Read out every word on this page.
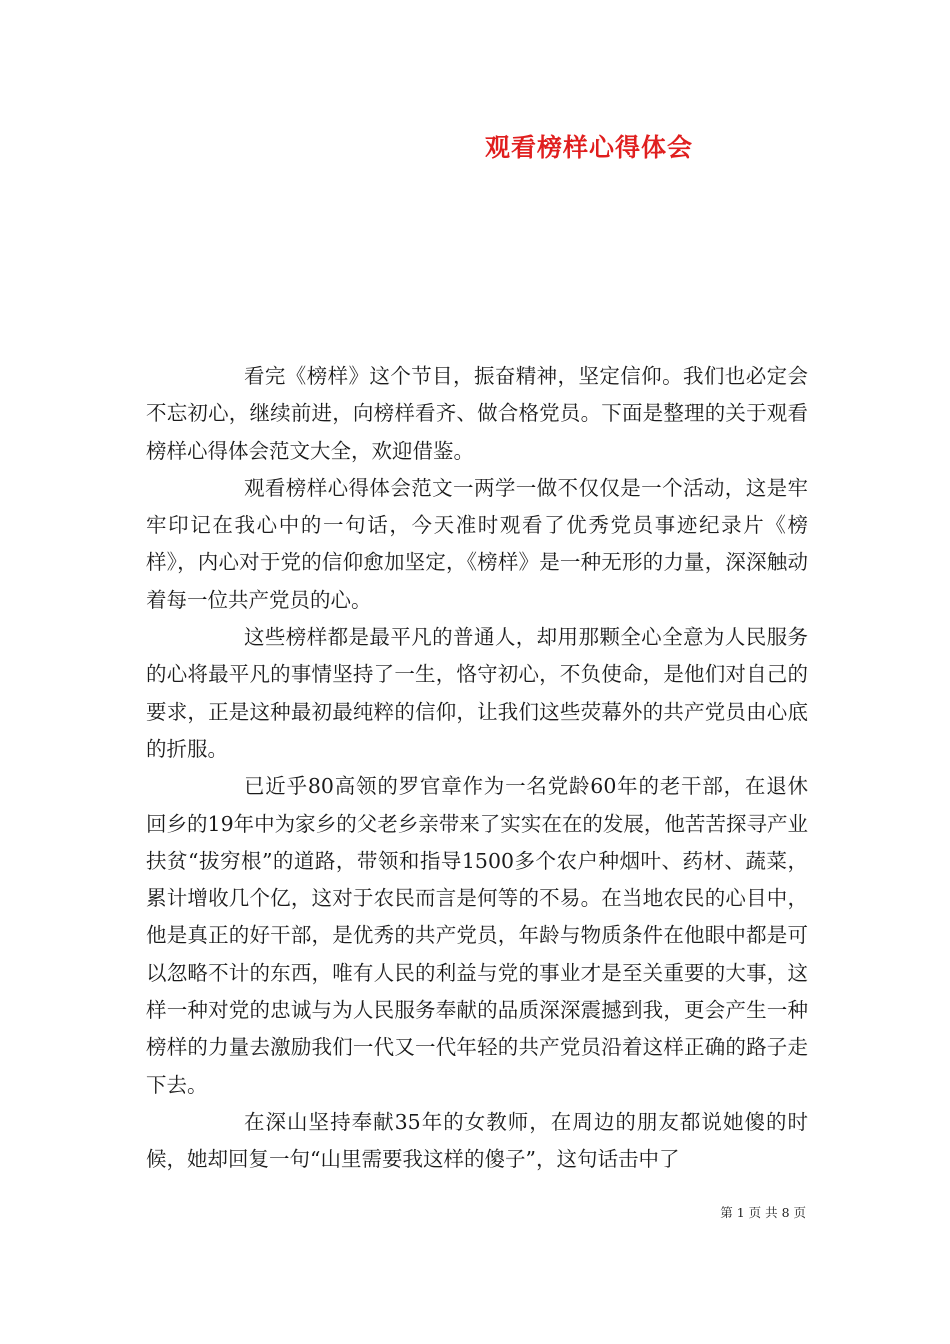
观看榜样心得体会

看完《榜样》这个节目，振奋精神，坚定信仰。我们也必定会不忘初心，继续前进，向榜样看齐、做合格党员。下面是整理的关于观看榜样心得体会范文大全，欢迎借鉴。

观看榜样心得体会范文一两学一做不仅仅是一个活动，这是牢牢印记在我心中的一句话，今天准时观看了优秀党员事迹纪录片《榜样》，内心对于党的信仰愈加坚定，《榜样》是一种无形的力量，深深触动着每一位共产党员的心。

这些榜样都是最平凡的普通人，却用那颗全心全意为人民服务的心将最平凡的事情坚持了一生，恪守初心，不负使命，是他们对自己的要求，正是这种最初最纯粹的信仰，让我们这些荧幕外的共产党员由心底的折服。

已近乎80高领的罗官章作为一名党龄60年的老干部，在退休回乡的19年中为家乡的父老乡亲带来了实实在在的发展，他苦苦探寻产业扶贫“拔穷根”的道路，带领和指导1500多个农户种烟叶、药材、蔬菜，累计增收几个亿，这对于农民而言是何等的不易。在当地农民的心目中，他是真正的好干部，是优秀的共产党员，年龄与物质条件在他眼中都是可以忽略不计的东西，唯有人民的利益与党的事业才是至关重要的大事，这样一种对党的忠诚与为人民服务奉献的品质深深震撼到我，更会产生一种榜样的力量去激励我们一代又一代年轻的共产党员沿着这样正确的路子走下去。

在深山坚持奉献35年的女教师，在周边的朋友都说她傻的时候，她却回复一句“山里需要我这样的傻子”，这句话击中了

第 1 页 共 8 页
